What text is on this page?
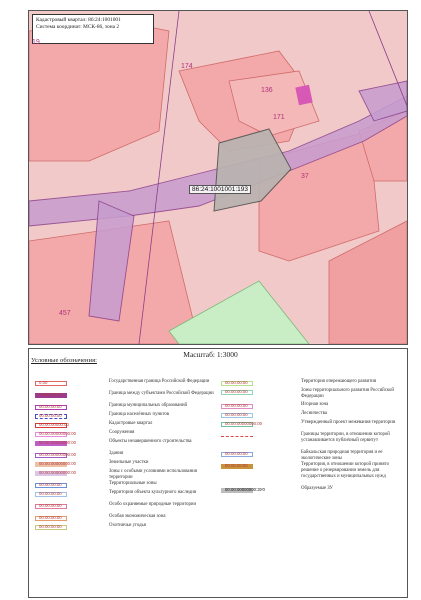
Кадастровый квартал: 86:24:1001001
Система координат: МСК-86, зона 2
19
174
136
171
37
457
86:24:1001001:193
Масштаб: 1:3000
Условные обозначения:
0:00	Государственная граница Российской Федерации
00:00:00:00	Граница между субъектами Российской Федерации
00:00:00:00	Граница муниципальных образований
00:00:00:00	Граница населённых пунктов
00:00:00000:00	Кадастровые квартал
00:00:00000000:00	Сооружения
00:00:00000000:00	Объекты незавершенного строительства
00:00:00000000:00	Здания
00:00:00000000:00	Земельные участки
00:00:00000000:00	Зоны с особыми условиями использования территории
00:00:00:00	Территориальные зоны
00:00:00:00	Территории объекта культурного наследия
00:00:00:00	Особо охраняемые природные территории
00:00:00:00	Особая экономическая зона
00:00:00:00	Охотничьи угодья
00:00:00:00	Территория опережающего развития
00:00:00:00	Зоны территориального развития Российской Федерации
00:00:00:00	Игорная зона
00:00:00:00	Лесничества
00:00:00000000:00	Утвержденный проект межевания территории
Границы территории, в отношении которой устанавливается публичный сервитут
00:00:00:00	Байкальская природная территория и ее экологические зоны
00:00:00:00	Территория, в отношении которой принято решение о резервировании земель для государственных и муниципальных нужд
00:00:00000000:ЗУ0	Образуемые ЗУ
